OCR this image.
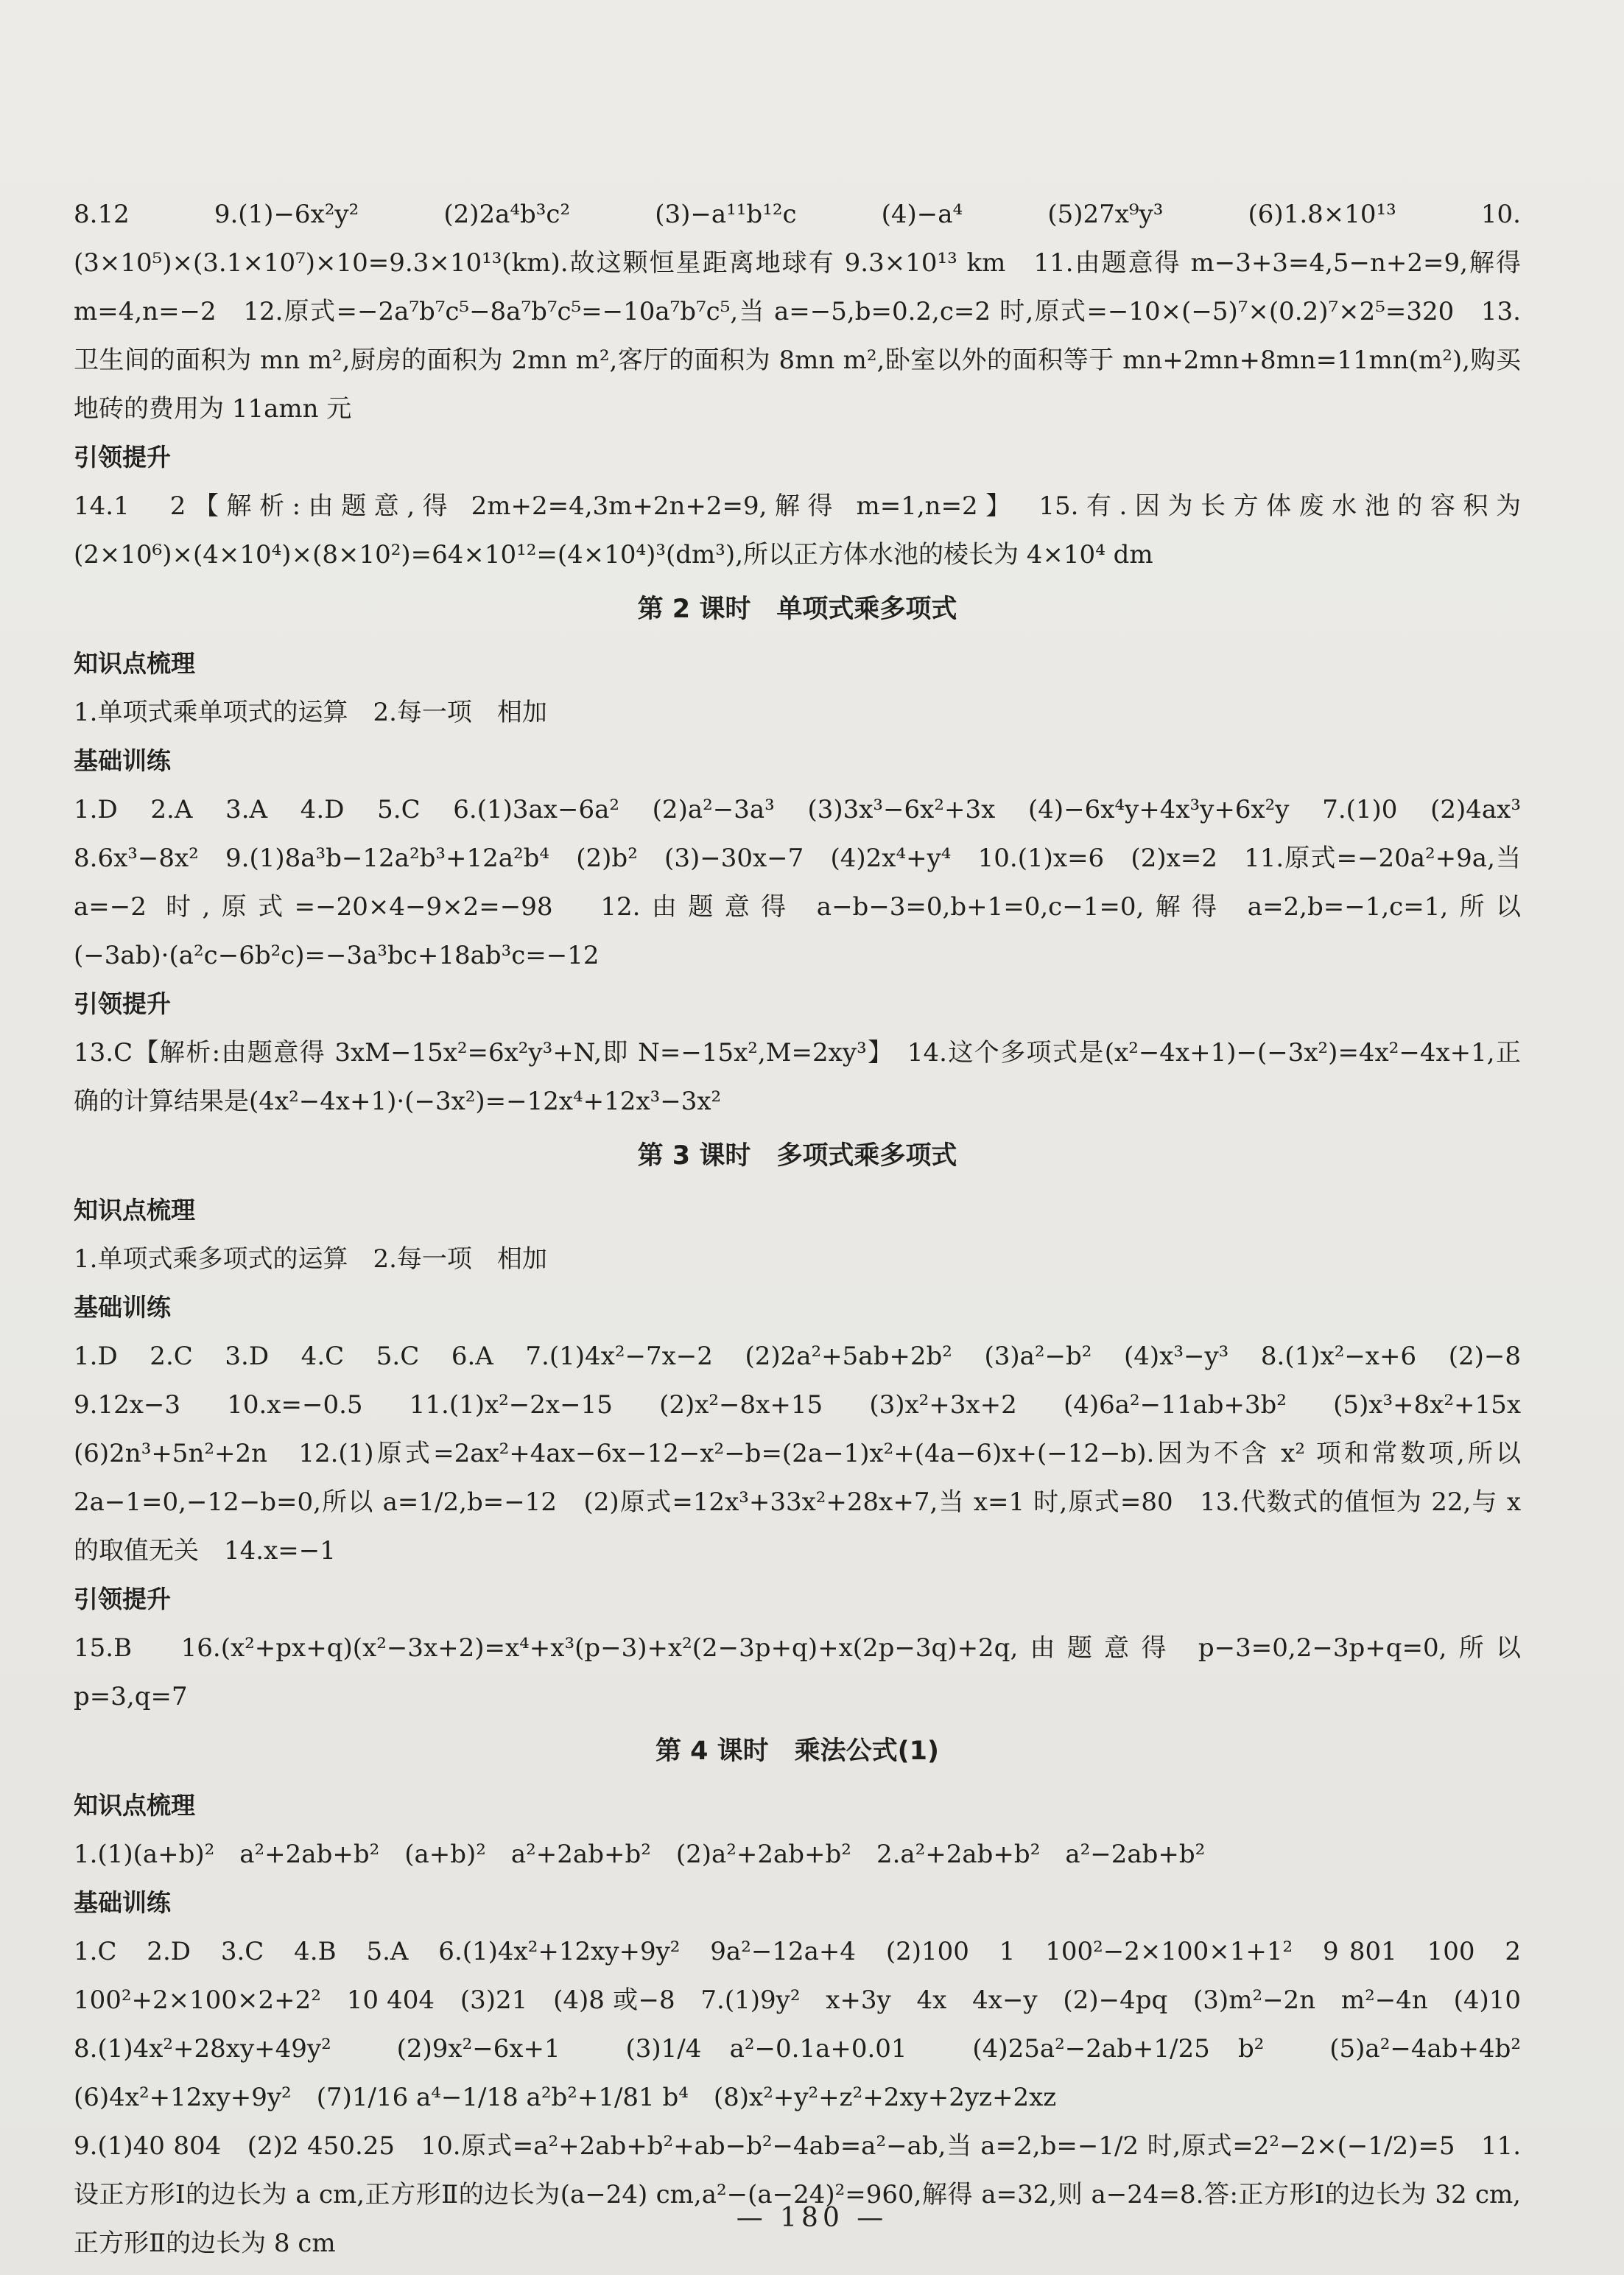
8.12　9.(1)−6x²y²　(2)2a⁴b³c²　(3)−a¹¹b¹²c　(4)−a⁴　(5)27x⁹y³　(6)1.8×10¹³　10.(3×10⁵)×(3.1×10⁷)×10=9.3×10¹³(km).故这颗恒星距离地球有 9.3×10¹³ km　11.由题意得 m−3+3=4,5−n+2=9,解得 m=4,n=−2　12.原式=−2a⁷b⁷c⁵−8a⁷b⁷c⁵=−10a⁷b⁷c⁵,当 a=−5,b=0.2,c=2 时,原式=−10×(−5)⁷×(0.2)⁷×2⁵=320　13.卫生间的面积为 mn m²,厨房的面积为 2mn m²,客厅的面积为 8mn m²,卧室以外的面积等于 mn+2mn+8mn=11mn(m²),购买地砖的费用为 11amn 元
引领提升
14.1　2【解析:由题意,得 2m+2=4,3m+2n+2=9,解得 m=1,n=2】　15.有.因为长方体废水池的容积为(2×10⁶)×(4×10⁴)×(8×10²)=64×10¹²=(4×10⁴)³(dm³),所以正方体水池的棱长为 4×10⁴ dm
第 2 课时　单项式乘多项式
知识点梳理
1.单项式乘单项式的运算　2.每一项　相加
基础训练
1.D　2.A　3.A　4.D　5.C　6.(1)3ax−6a²　(2)a²−3a³　(3)3x³−6x²+3x　(4)−6x⁴y+4x³y+6x²y　7.(1)0　(2)4ax³　8.6x³−8x²　9.(1)8a³b−12a²b³+12a²b⁴　(2)b²　(3)−30x−7　(4)2x⁴+y⁴　10.(1)x=6　(2)x=2　11.原式=−20a²+9a,当 a=−2 时,原式=−20×4−9×2=−98　12.由题意得 a−b−3=0,b+1=0,c−1=0,解得 a=2,b=−1,c=1,所以(−3ab)·(a²c−6b²c)=−3a³bc+18ab³c=−12
引领提升
13.C【解析:由题意得 3xM−15x²=6x²y³+N,即 N=−15x²,M=2xy³】　14.这个多项式是(x²−4x+1)−(−3x²)=4x²−4x+1,正确的计算结果是(4x²−4x+1)·(−3x²)=−12x⁴+12x³−3x²
第 3 课时　多项式乘多项式
知识点梳理
1.单项式乘多项式的运算　2.每一项　相加
基础训练
1.D　2.C　3.D　4.C　5.C　6.A　7.(1)4x²−7x−2　(2)2a²+5ab+2b²　(3)a²−b²　(4)x³−y³　8.(1)x²−x+6　(2)−8　9.12x−3　10.x=−0.5　11.(1)x²−2x−15　(2)x²−8x+15　(3)x²+3x+2　(4)6a²−11ab+3b²　(5)x³+8x²+15x　(6)2n³+5n²+2n　12.(1)原式=2ax²+4ax−6x−12−x²−b=(2a−1)x²+(4a−6)x+(−12−b).因为不含 x² 项和常数项,所以 2a−1=0,−12−b=0,所以 a=1/2,b=−12　(2)原式=12x³+33x²+28x+7,当 x=1 时,原式=80　13.代数式的值恒为 22,与 x 的取值无关　14.x=−1
引领提升
15.B　16.(x²+px+q)(x²−3x+2)=x⁴+x³(p−3)+x²(2−3p+q)+x(2p−3q)+2q,由题意得 p−3=0,2−3p+q=0,所以 p=3,q=7
第 4 课时　乘法公式(1)
知识点梳理
1.(1)(a+b)²　a²+2ab+b²　(a+b)²　a²+2ab+b²　(2)a²+2ab+b²　2.a²+2ab+b²　a²−2ab+b²
基础训练
1.C　2.D　3.C　4.B　5.A　6.(1)4x²+12xy+9y²　9a²−12a+4　(2)100　1　100²−2×100×1+1²　9 801　100　2　100²+2×100×2+2²　10 404　(3)21　(4)8 或−8　7.(1)9y²　x+3y　4x　4x−y　(2)−4pq　(3)m²−2n　m²−4n　(4)10　8.(1)4x²+28xy+49y²　(2)9x²−6x+1　(3)1/4 a²−0.1a+0.01　(4)25a²−2ab+1/25 b²　(5)a²−4ab+4b²　(6)4x²+12xy+9y²　(7)1/16 a⁴−1/18 a²b²+1/81 b⁴　(8)x²+y²+z²+2xy+2yz+2xz
9.(1)40 804　(2)2 450.25　10.原式=a²+2ab+b²+ab−b²−4ab=a²−ab,当 a=2,b=−1/2 时,原式=2²−2×(−1/2)=5　11.设正方形Ⅰ的边长为 a cm,正方形Ⅱ的边长为(a−24) cm,a²−(a−24)²=960,解得 a=32,则 a−24=8.答:正方形Ⅰ的边长为 32 cm,正方形Ⅱ的边长为 8 cm
— 180 —
